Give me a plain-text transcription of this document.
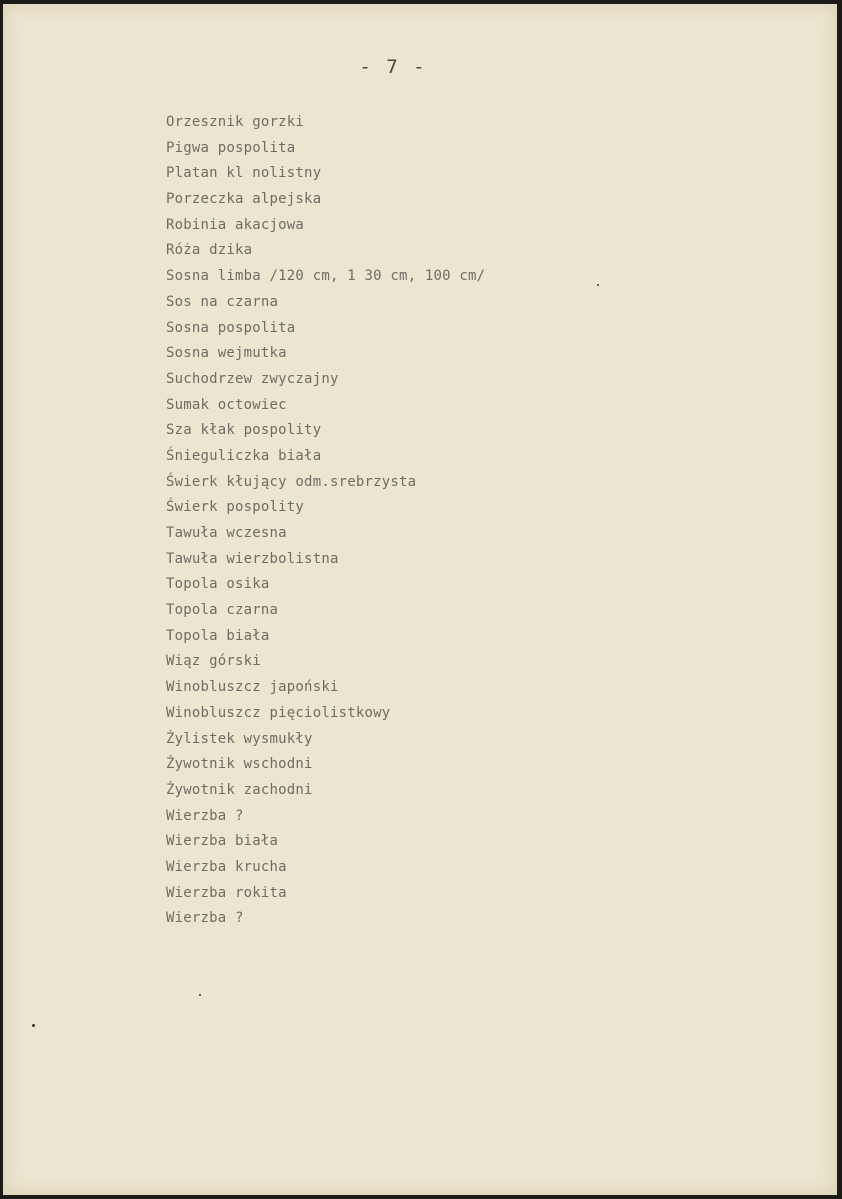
- 7 -
Orzesznik gorzki
Pigwa pospolita
Platan kl nolistny
Porzeczka alpejska
Robinia akacjowa
Róża dzika
Sosna limba /120 cm, 1 30 cm, 100 cm/
Sos na czarna
Sosna pospolita
Sosna wejmutka
Suchodrzew zwyczajny
Sumak octowiec
Sza kłak pospolity
Śnieguliczka biała
Świerk kłujący odm.srebrzysta
Świerk pospolity
Tawuła wczesna
Tawuła wierzbolistna
Topola osika
Topola czarna
Topola biała
Wiąz górski
Winobluszcz japoński
Winobluszcz pięciolistkowy
Żylistek wysmukły
Żywotnik wschodni
Żywotnik zachodni
Wierzba ?
Wierzba biała
Wierzba krucha
Wierzba rokita
Wierzba ?
